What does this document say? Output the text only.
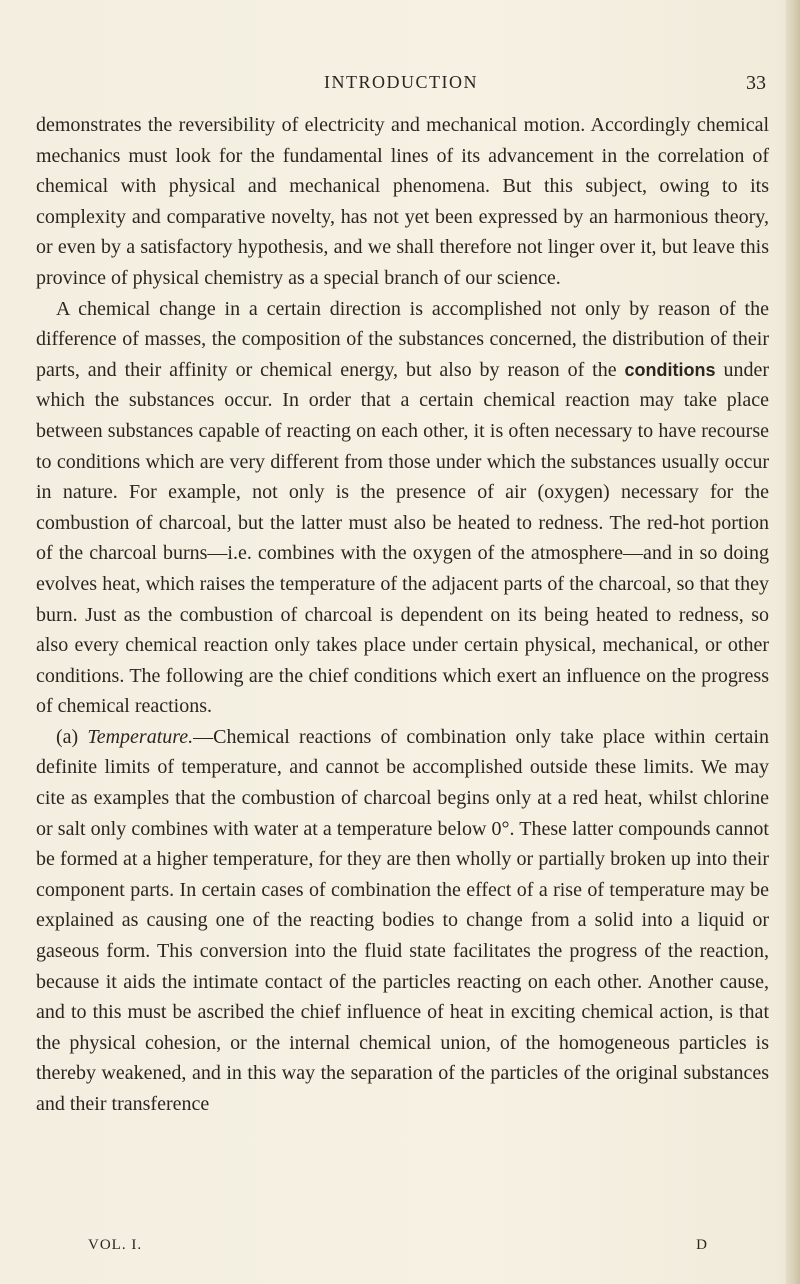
INTRODUCTION	33

demonstrates the reversibility of electricity and mechanical motion. Accordingly chemical mechanics must look for the fundamental lines of its advancement in the correlation of chemical with physical and mechanical phenomena. But this subject, owing to its complexity and comparative novelty, has not yet been expressed by an harmonious theory, or even by a satisfactory hypothesis, and we shall therefore not linger over it, but leave this province of physical chemistry as a special branch of our science.

A chemical change in a certain direction is accomplished not only by reason of the difference of masses, the composition of the substances concerned, the distribution of their parts, and their affinity or chemical energy, but also by reason of the conditions under which the substances occur. In order that a certain chemical reaction may take place between substances capable of reacting on each other, it is often necessary to have recourse to conditions which are very different from those under which the substances usually occur in nature. For example, not only is the presence of air (oxygen) necessary for the combustion of charcoal, but the latter must also be heated to redness. The red-hot portion of the charcoal burns—i.e. combines with the oxygen of the atmosphere—and in so doing evolves heat, which raises the temperature of the adjacent parts of the charcoal, so that they burn. Just as the combustion of charcoal is dependent on its being heated to redness, so also every chemical reaction only takes place under certain physical, mechanical, or other conditions. The following are the chief conditions which exert an influence on the progress of chemical reactions.

(a) Temperature.—Chemical reactions of combination only take place within certain definite limits of temperature, and cannot be accomplished outside these limits. We may cite as examples that the combustion of charcoal begins only at a red heat, whilst chlorine or salt only combines with water at a temperature below 0°. These latter compounds cannot be formed at a higher temperature, for they are then wholly or partially broken up into their component parts. In certain cases of combination the effect of a rise of temperature may be explained as causing one of the reacting bodies to change from a solid into a liquid or gaseous form. This conversion into the fluid state facilitates the progress of the reaction, because it aids the intimate contact of the particles reacting on each other. Another cause, and to this must be ascribed the chief influence of heat in exciting chemical action, is that the physical cohesion, or the internal chemical union, of the homogeneous particles is thereby weakened, and in this way the separation of the particles of the original substances and their transference

VOL. I.	D
